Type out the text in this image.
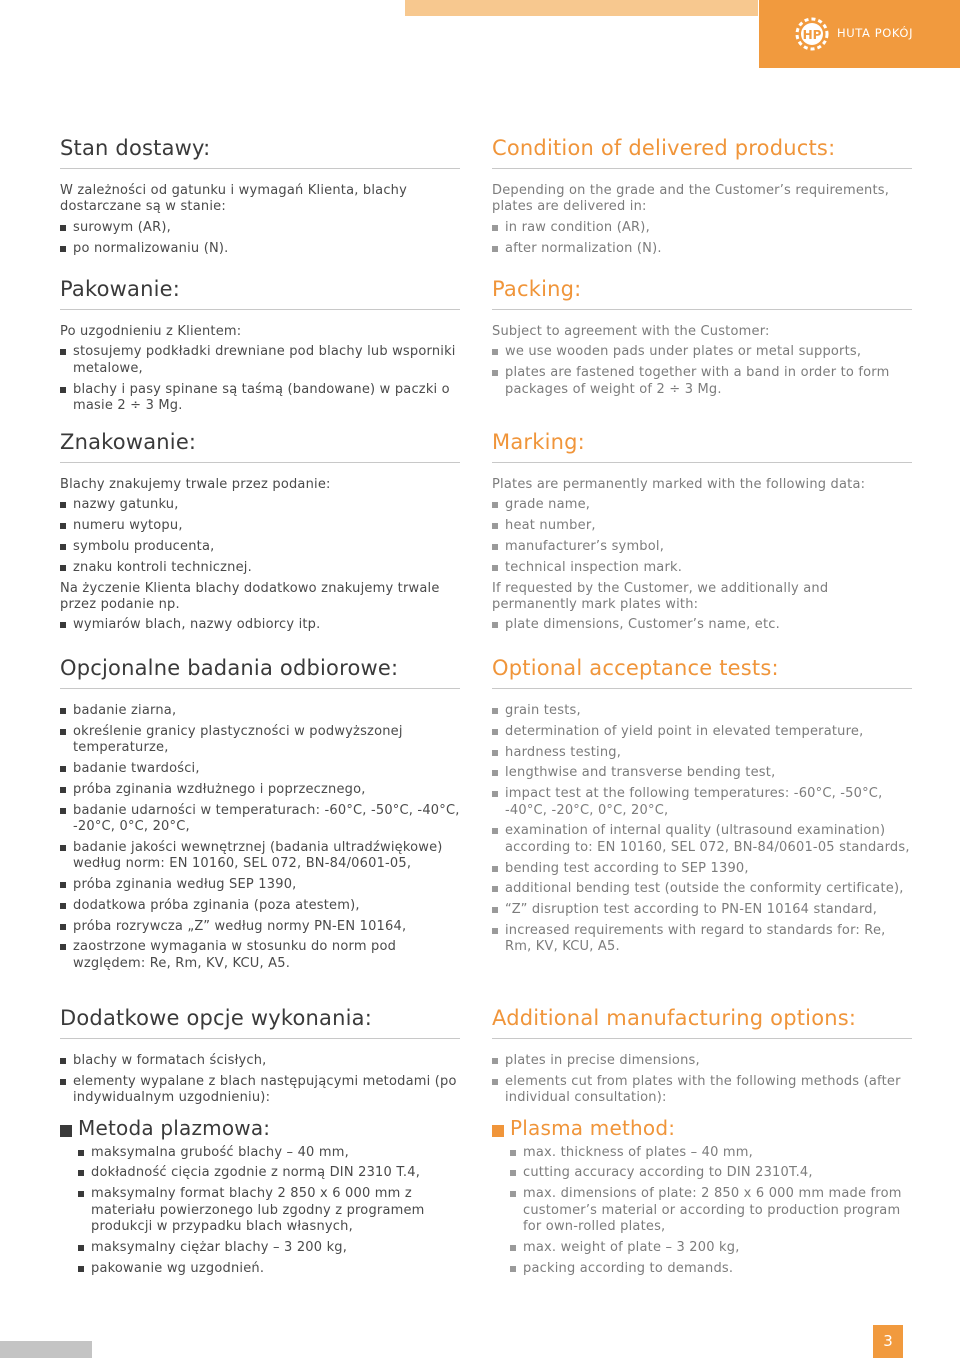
HP HUTA POKÓJ
Stan dostawy:

W zależności od gatunku i wymagań Klienta, blachy dostarczane są w stanie:

surowym (AR),
po normalizowaniu (N).
Pakowanie:

Po uzgodnieniu z Klientem:

stosujemy podkładki drewniane pod blachy lub wsporniki metalowe,
blachy i pasy spinane są taśmą (bandowane) w paczki o masie 2 ÷ 3 Mg.
Znakowanie:

Blachy znakujemy trwale przez podanie:

nazwy gatunku,
numeru wytopu,
symbolu producenta,
znaku kontroli technicznej.

Na życzenie Klienta blachy dodatkowo znakujemy trwale przez podanie np.

wymiarów blach, nazwy odbiorcy itp.
Opcjonalne badania odbiorowe:
badanie ziarna,
określenie granicy plastyczności w podwyższonej temperaturze,
badanie twardości,
próba zginania wzdłużnego i poprzecznego,
badanie udarności w temperaturach: -60°C, -50°C, -40°C, -20°C, 0°C, 20°C,
badanie jakości wewnętrznej (badania ultradźwiękowe) według norm: EN 10160, SEL 072, BN-84/0601-05,
próba zginania według SEP 1390,
dodatkowa próba zginania (poza atestem),
próba rozrywcza „Z” według normy PN-EN 10164,
zaostrzone wymagania w stosunku do norm pod względem: Re, Rm, KV, KCU, A5.
Dodatkowe opcje wykonania:
blachy w formatach ścisłych,
elementy wypalane z blach następującymi metodami (po indywidualnym uzgodnieniu):
Metoda plazmowa:
maksymalna grubość blachy – 40 mm,
dokładność cięcia zgodnie z normą DIN 2310 T.4,
maksymalny format blachy 2 850 x 6 000 mm z materiału powierzonego lub zgodny z programem produkcji w przypadku blach własnych,
maksymalny ciężar blachy – 3 200 kg,
pakowanie wg uzgodnień.
Condition of delivered products:

Depending on the grade and the Customer’s requirements, plates are delivered in:

in raw condition (AR),
after normalization (N).
Packing:

Subject to agreement with the Customer:

we use wooden pads under plates or metal supports,
plates are fastened together with a band in order to form packages of weight of 2 ÷ 3 Mg.
Marking:

Plates are permanently marked with the following data:

grade name,
heat number,
manufacturer’s symbol,
technical inspection mark.

If requested by the Customer, we additionally and permanently mark plates with:

plate dimensions, Customer’s name, etc.
Optional acceptance tests:
grain tests,
determination of yield point in elevated temperature,
hardness testing,
lengthwise and transverse bending test,
impact test at the following temperatures: -60°C, -50°C, -40°C, -20°C, 0°C, 20°C,
examination of internal quality (ultrasound examination) according to: EN 10160, SEL 072, BN-84/0601-05 standards,
bending test according to SEP 1390,
additional bending test (outside the conformity certificate),
“Z” disruption test according to PN-EN 10164 standard,
increased requirements with regard to standards for: Re, Rm, KV, KCU, A5.
Additional manufacturing options:
plates in precise dimensions,
elements cut from plates with the following methods (after individual consultation):
Plasma method:
max. thickness of plates – 40 mm,
cutting accuracy according to DIN 2310T.4,
max. dimensions of plate: 2 850 x 6 000 mm made from customer’s material or according to production program for own-rolled plates,
max. weight of plate – 3 200 kg,
packing according to demands.
3
